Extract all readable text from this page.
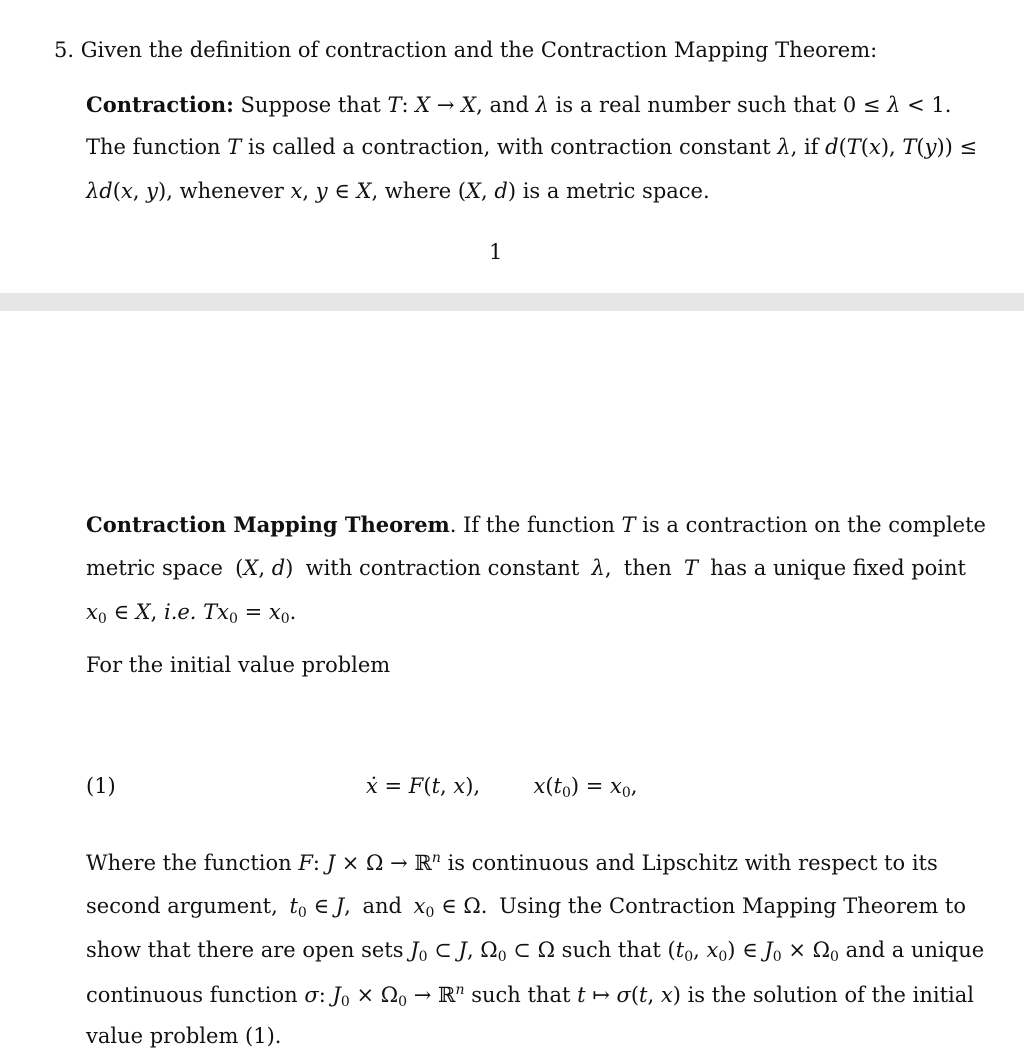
5. Given the definition of contraction and the Contraction Mapping Theorem:
Contraction: Suppose that T: X → X, and λ is a real number such that 0 ≤ λ < 1.
The function T is called a contraction, with contraction constant λ, if d(T(x), T(y)) ≤
λd(x, y), whenever x, y ∈ X, where (X, d) is a metric space.
1
Contraction Mapping Theorem. If the function T is a contraction on the complete
metric space (X, d) with contraction constant λ, then T has a unique fixed point
$x_0$ ∈ X, i.e. $Tx_0 = x_0$.
For the initial value problem
(1)	ẋ = F(t, x),  $x(t_0) = x_0$,
Where the function F: J × Ω → ℝ$^n$ is continuous and Lipschitz with respect to its
second argument, $t_0$ ∈ J, and $x_0$ ∈ Ω. Using the Contraction Mapping Theorem to
show that there are open sets $J_0$ ⊂ J, $\Omega_0$ ⊂ Ω such that ($t_0$, $x_0$) ∈ $J_0 \times \Omega_0$ and a unique
continuous function σ: $J_0 \times \Omega_0$ → ℝ$^n$ such that t ↦ σ(t, x) is the solution of the initial
value problem (1).
